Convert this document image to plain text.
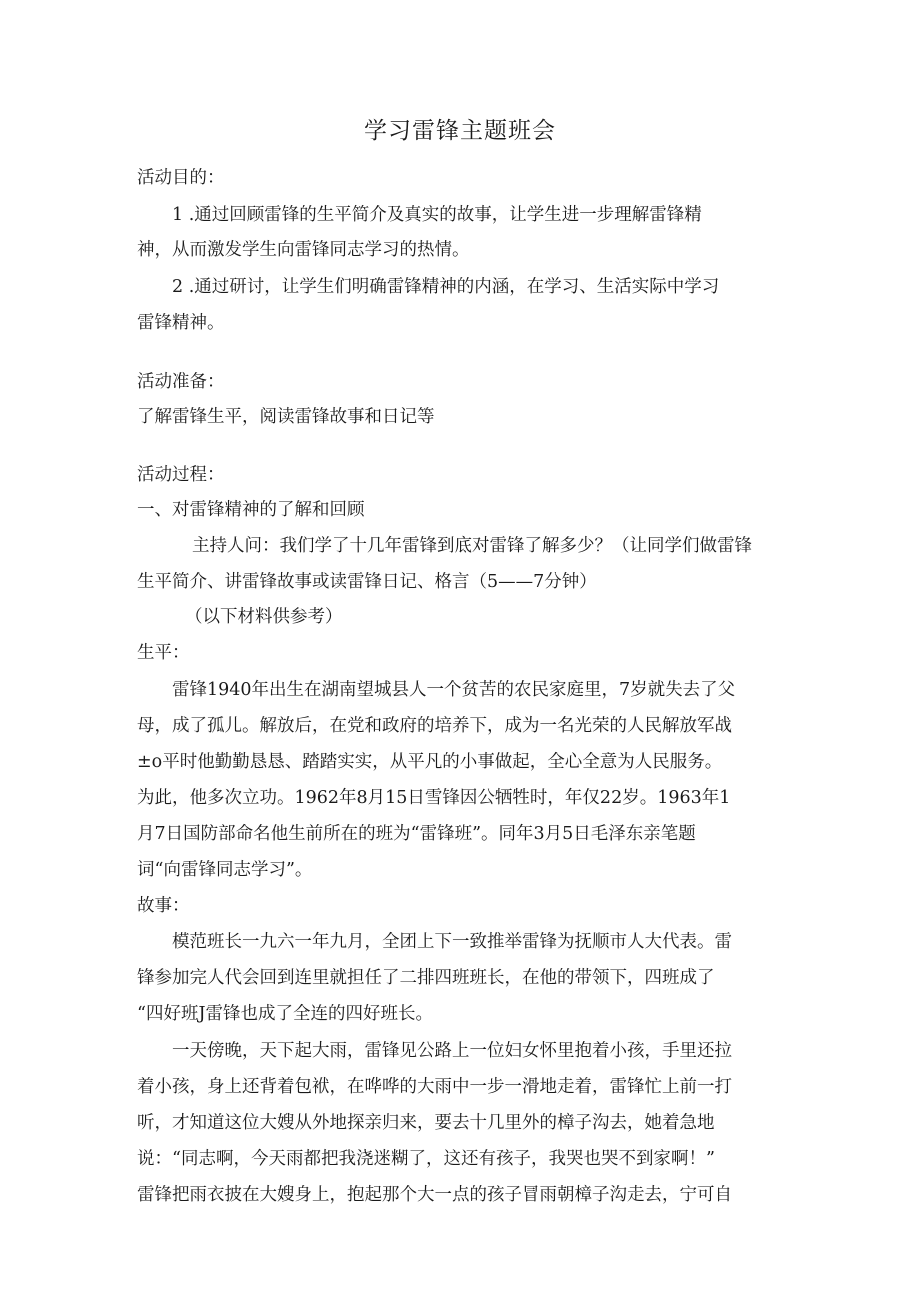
学习雷锋主题班会
活动目的：
1 .通过回顾雷锋的生平简介及真实的故事，让学生进一步理解雷锋精
神，从而激发学生向雷锋同志学习的热情。
2 .通过研讨，让学生们明确雷锋精神的内涵，在学习、生活实际中学习
雷锋精神。
活动准备：
了解雷锋生平，阅读雷锋故事和日记等
活动过程：
一、对雷锋精神的了解和回顾
主持人问：我们学了十几年雷锋到底对雷锋了解多少？（让同学们做雷锋
生平简介、讲雷锋故事或读雷锋日记、格言（5——7分钟）
（以下材料供参考）
生平：
雷锋1940年出生在湖南望城县人一个贫苦的农民家庭里，7岁就失去了父
母，成了孤儿。解放后，在党和政府的培养下，成为一名光荣的人民解放军战
±o平时他勤勤恳恳、踏踏实实，从平凡的小事做起，全心全意为人民服务。
为此，他多次立功。1962年8月15日雪锋因公牺牲时，年仅22岁。1963年1
月7日国防部命名他生前所在的班为“雷锋班”。同年3月5日毛泽东亲笔题
词“向雷锋同志学习”。
故事：
模范班长一九六一年九月，全团上下一致推举雷锋为抚顺市人大代表。雷
锋参加完人代会回到连里就担任了二排四班班长，在他的带领下，四班成了
“四好班J雷锋也成了全连的四好班长。
一天傍晚，天下起大雨，雷锋见公路上一位妇女怀里抱着小孩，手里还拉
着小孩，身上还背着包袱，在哗哗的大雨中一步一滑地走着，雷锋忙上前一打
听，才知道这位大嫂从外地探亲归来，要去十几里外的樟子沟去，她着急地
说：“同志啊，今天雨都把我浇迷糊了，这还有孩子，我哭也哭不到家啊！”
雷锋把雨衣披在大嫂身上，抱起那个大一点的孩子冒雨朝樟子沟走去，宁可自
